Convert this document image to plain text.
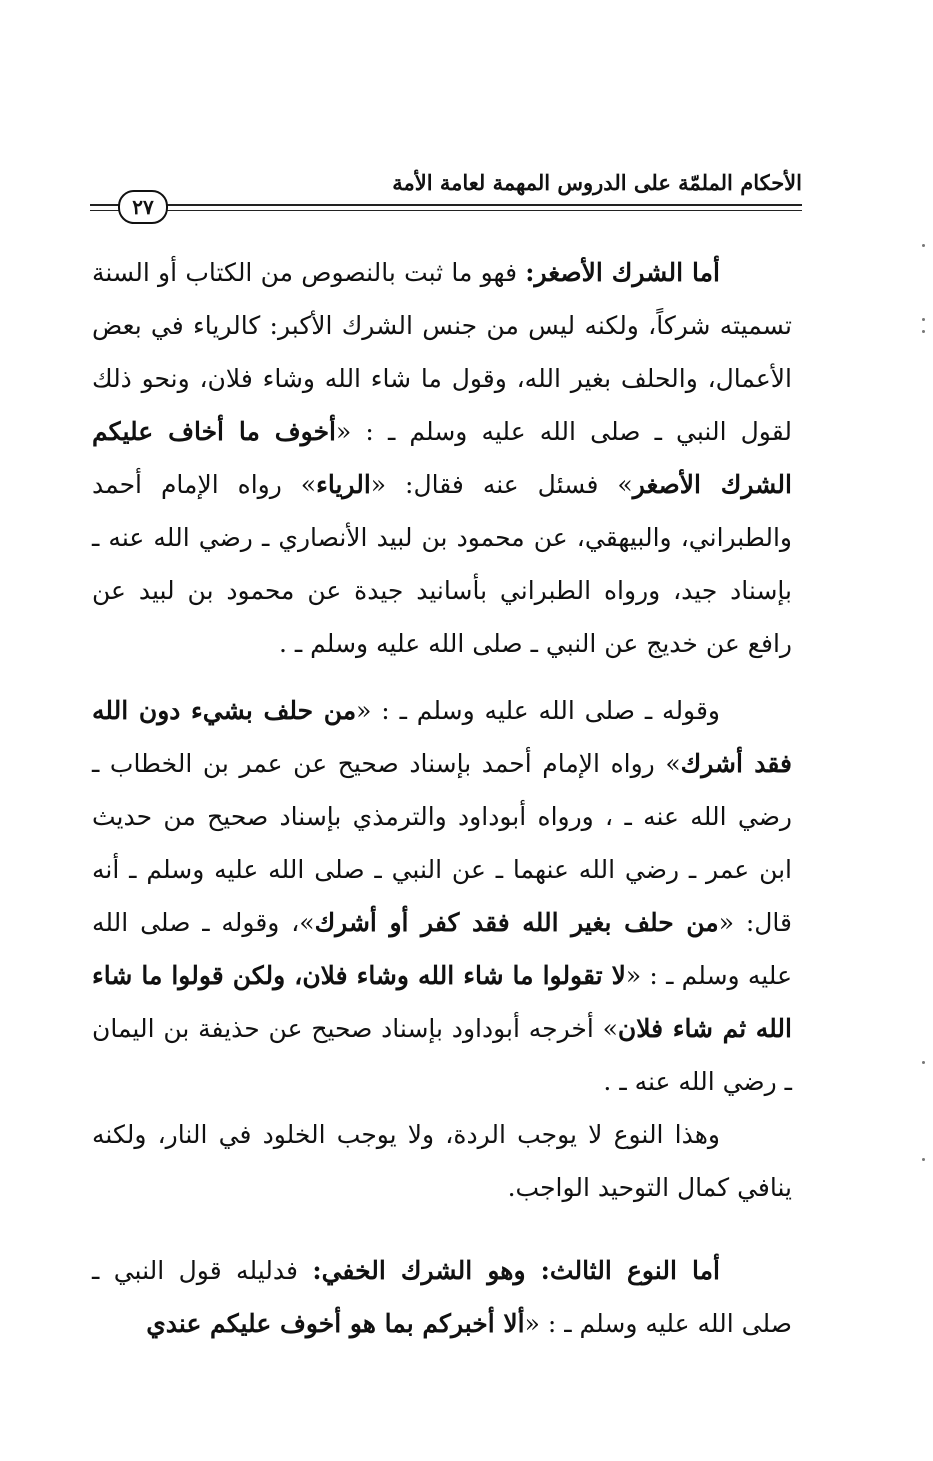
الأحكام الملمّة على الدروس المهمة لعامة الأمة
٢٧

أما الشرك الأصغر: فهو ما ثبت بالنصوص من الكتاب أو السنة تسميته شركاً، ولكنه ليس من جنس الشرك الأكبر: كالرياء في بعض الأعمال، والحلف بغير الله، وقول ما شاء الله وشاء فلان، ونحو ذلك لقول النبي ـ صلى الله عليه وسلم ـ : «أخوف ما أخاف عليكم الشرك الأصغر» فسئل عنه فقال: «الرياء» رواه الإمام أحمد والطبراني، والبيهقي، عن محمود بن لبيد الأنصاري ـ رضي الله عنه ـ بإسناد جيد، ورواه الطبراني بأسانيد جيدة عن محمود بن لبيد عن رافع عن خديج عن النبي ـ صلى الله عليه وسلم ـ .

وقوله ـ صلى الله عليه وسلم ـ : «من حلف بشيء دون الله فقد أشرك» رواه الإمام أحمد بإسناد صحيح عن عمر بن الخطاب ـ رضي الله عنه ـ ، ورواه أبوداود والترمذي بإسناد صحيح من حديث ابن عمر ـ رضي الله عنهما ـ عن النبي ـ صلى الله عليه وسلم ـ أنه قال: «من حلف بغير الله فقد كفر أو أشرك»، وقوله ـ صلى الله عليه وسلم ـ : «لا تقولوا ما شاء الله وشاء فلان، ولكن قولوا ما شاء الله ثم شاء فلان» أخرجه أبوداود بإسناد صحيح عن حذيفة بن اليمان ـ رضي الله عنه ـ .

وهذا النوع لا يوجب الردة، ولا يوجب الخلود في النار، ولكنه ينافي كمال التوحيد الواجب.

أما النوع الثالث: وهو الشرك الخفي: فدليله قول النبي ـ صلى الله عليه وسلم ـ : «ألا أخبركم بما هو أخوف عليكم عندي
